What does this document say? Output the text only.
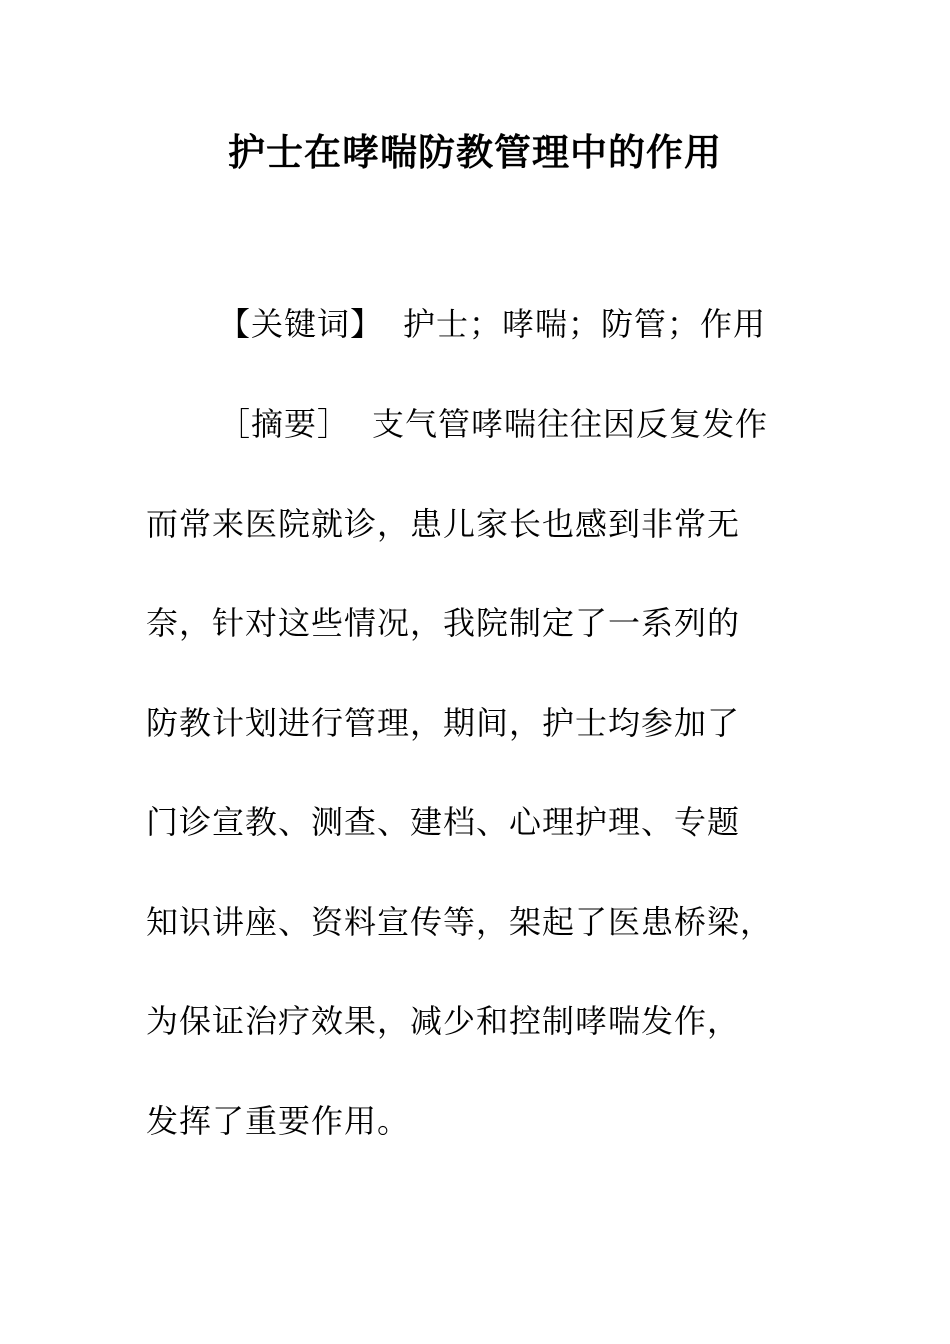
护士在哮喘防教管理中的作用
【关键词】 护士；哮喘；防管；作用
［摘要］ 支气管哮喘往往因反复发作
而常来医院就诊，患儿家长也感到非常无
奈，针对这些情况，我院制定了一系列的
防教计划进行管理，期间，护士均参加了
门诊宣教、测查、建档、心理护理、专题
知识讲座、资料宣传等，架起了医患桥梁，
为保证治疗效果，减少和控制哮喘发作，
发挥了重要作用。
